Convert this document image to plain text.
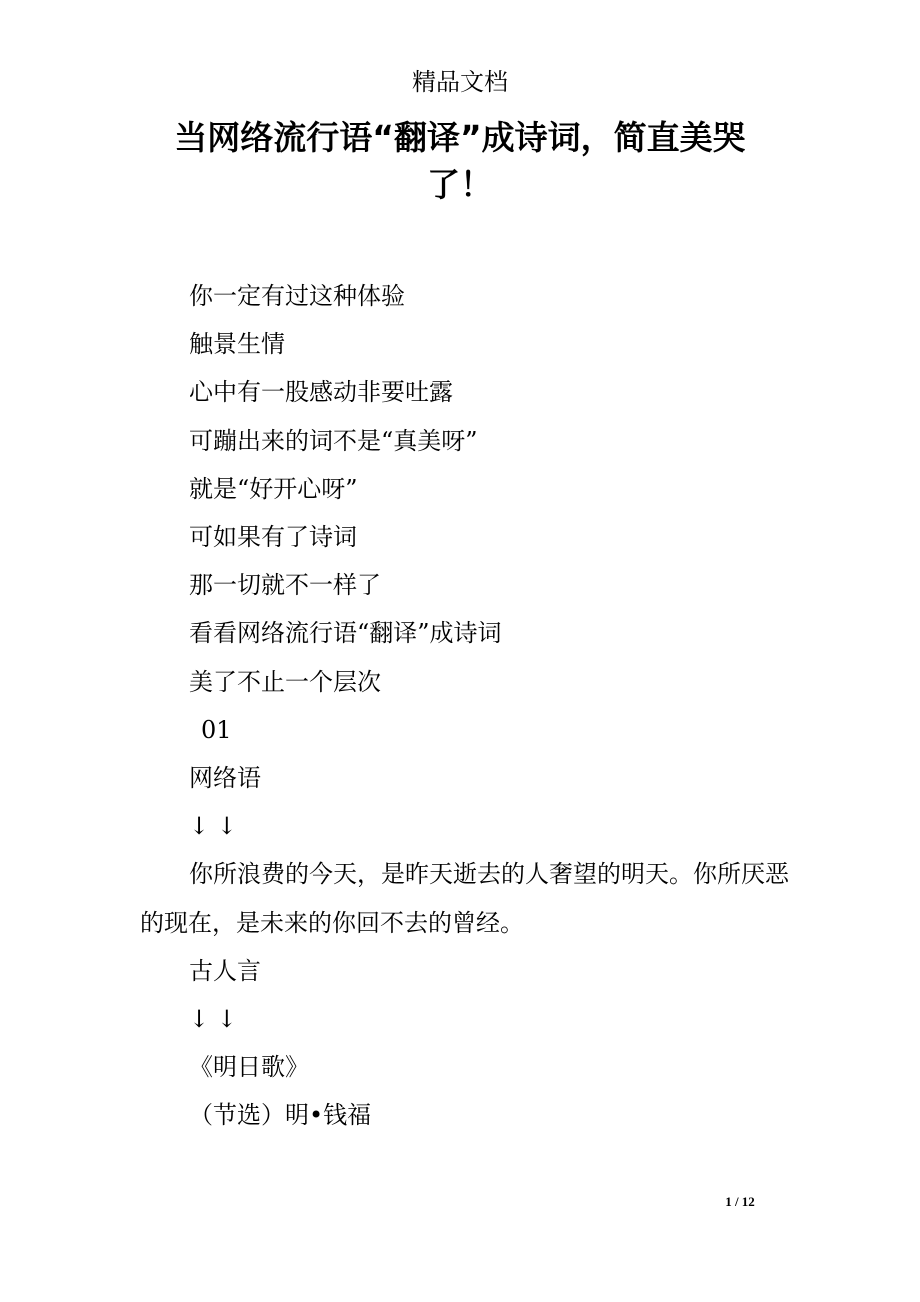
精品文档
当网络流行语“翻译”成诗词，简直美哭了！

你一定有过这种体验

触景生情

心中有一股感动非要吐露

可蹦出来的词不是“真美呀”

就是“好开心呀”

可如果有了诗词

那一切就不一样了

看看网络流行语“翻译”成诗词

美了不止一个层次

01

网络语

↓ ↓

你所浪费的今天，是昨天逝去的人奢望的明天。你所厌恶的现在，是未来的你回不去的曾经。

古人言

↓ ↓

《明日歌》

（节选）明•钱福

1 / 12
